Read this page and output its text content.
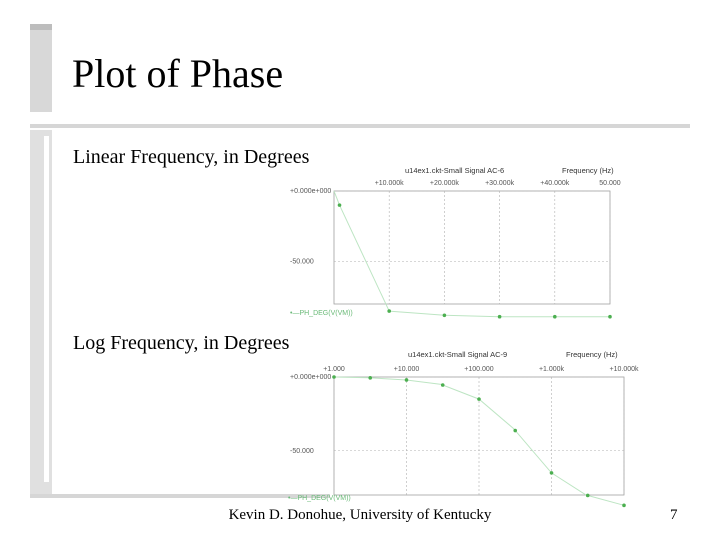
Plot of Phase
Linear Frequency, in Degrees
Log Frequency, in Degrees
u14ex1.ckt-Small Signal AC-6	Frequency (Hz)
+10.000k	+20.000k	+30.000k	+40.000k	50.000
+0.000e+000
-50.000
•—PH_DEG(V(VM))
u14ex1.ckt-Small Signal AC-9	Frequency (Hz)
+1.000	+10.000	+100.000	+1.000k	+10.000k
+0.000e+000
-50.000
•—PH_DEG(V(VM))
Kevin D. Donohue, University of Kentucky	7
